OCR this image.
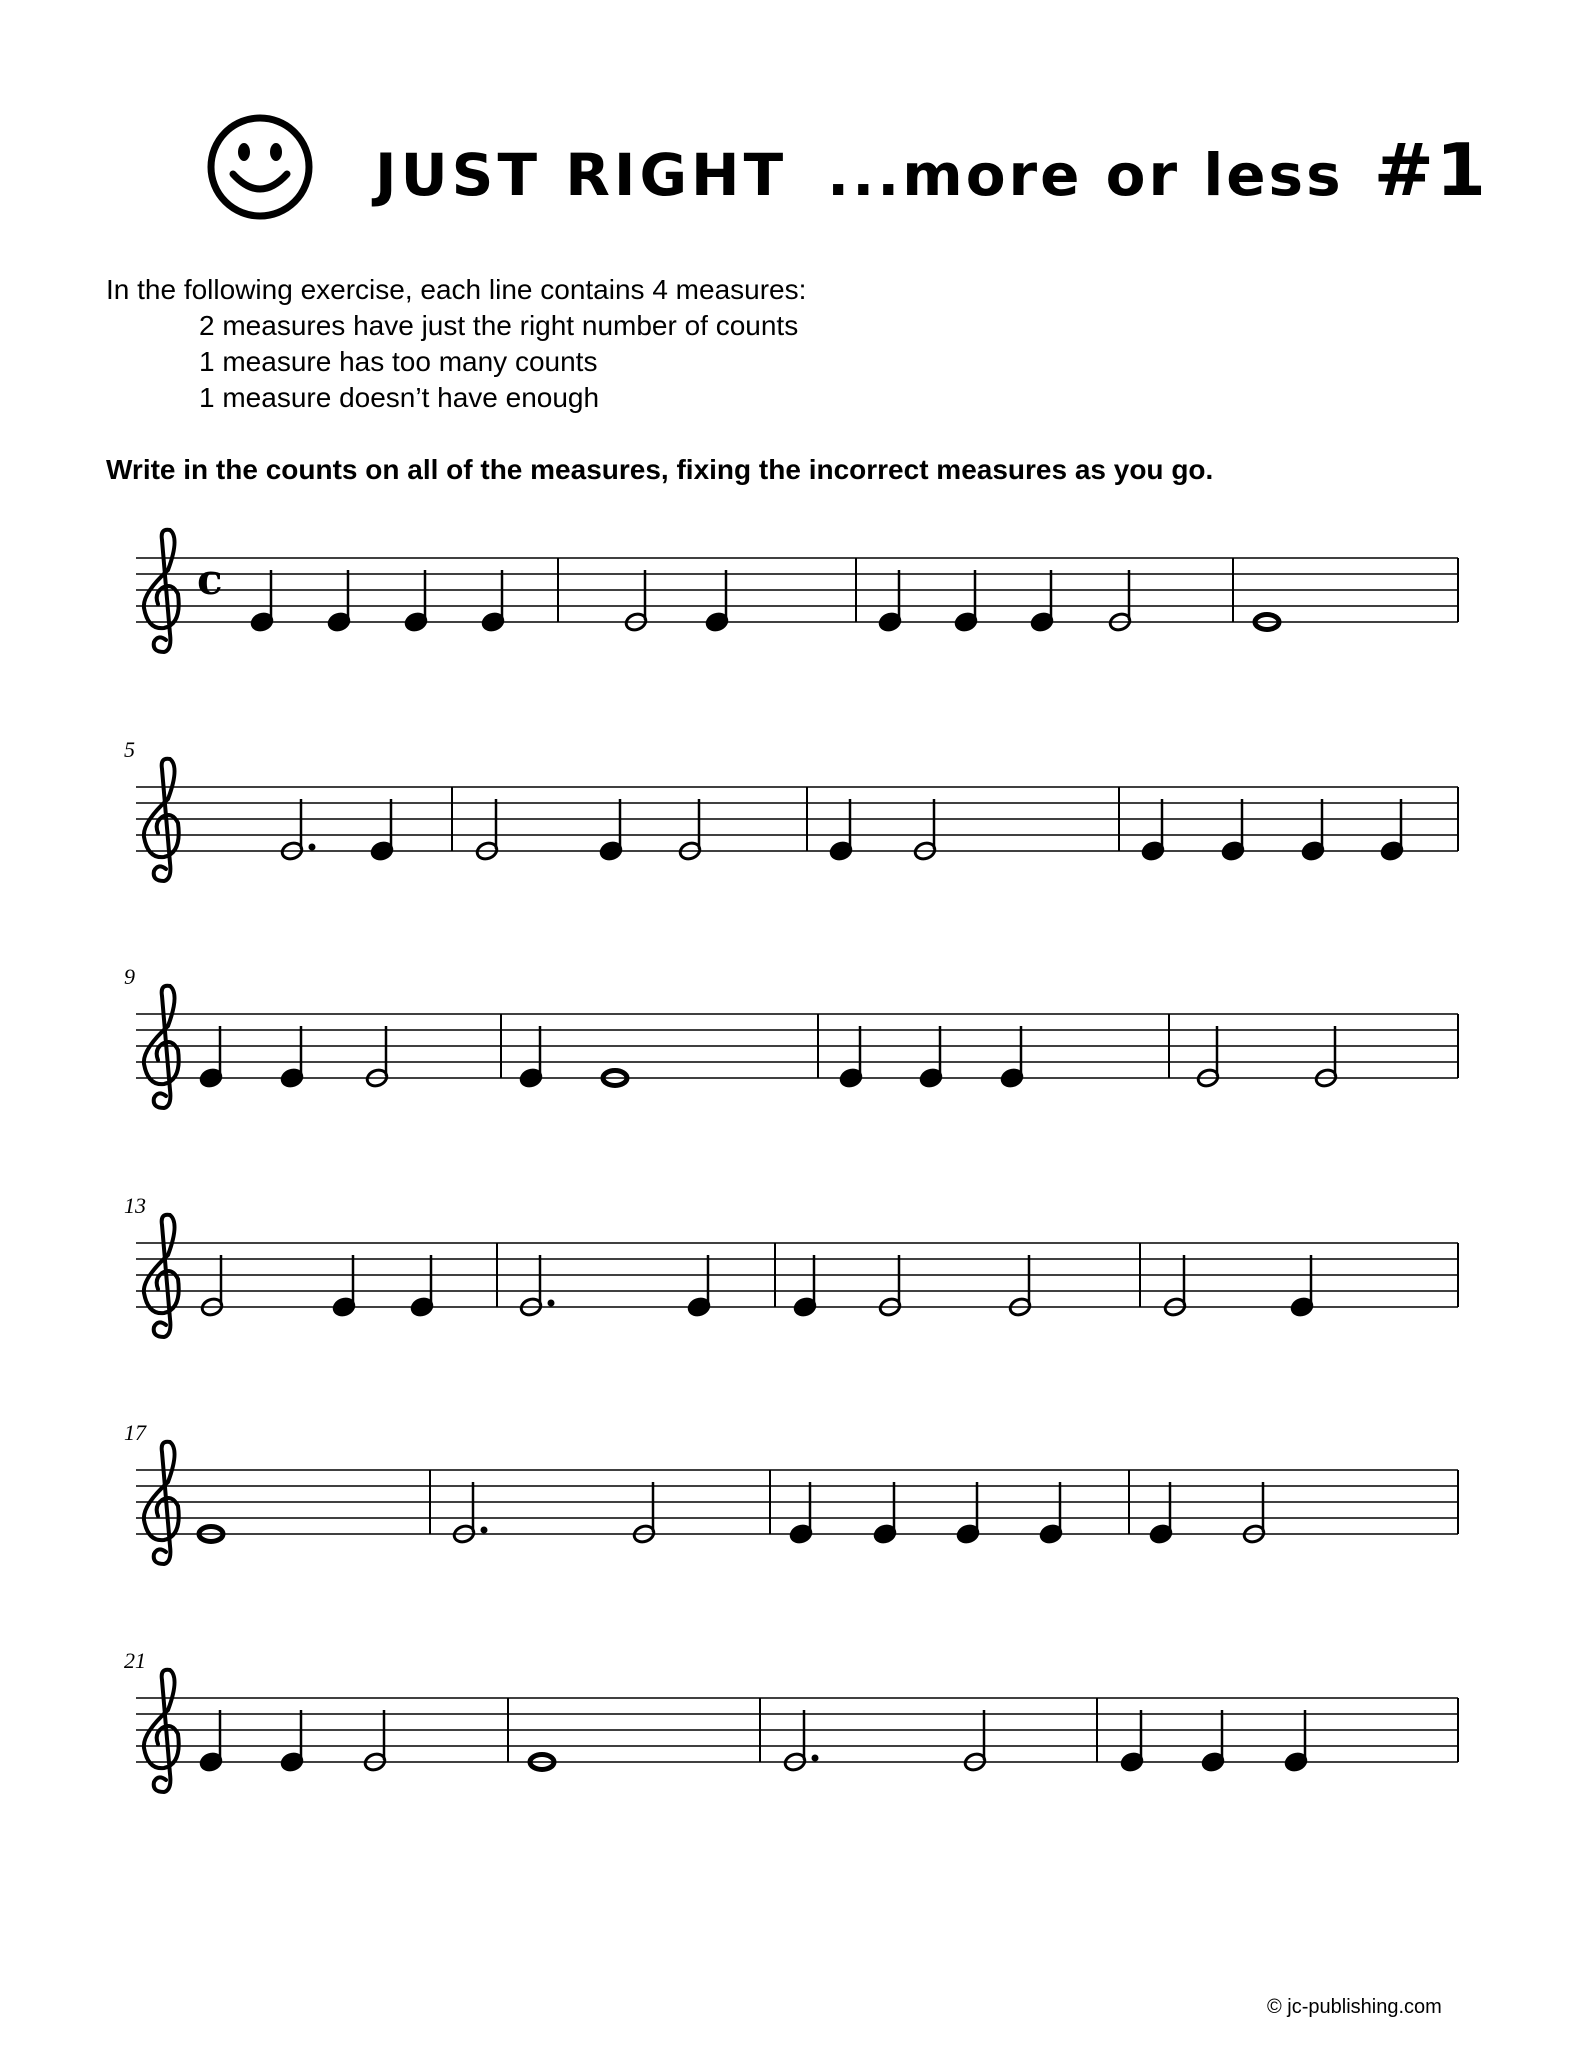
JUST RIGHT ...more or less #1
In the following exercise, each line contains 4 measures:
2 measures have just the right number of counts
1 measure has too many counts
1 measure doesn’t have enough
Write in the counts on all of the measures, fixing the incorrect measures as you go.
c
5
9
13
17
21
© jc-publishing.com
